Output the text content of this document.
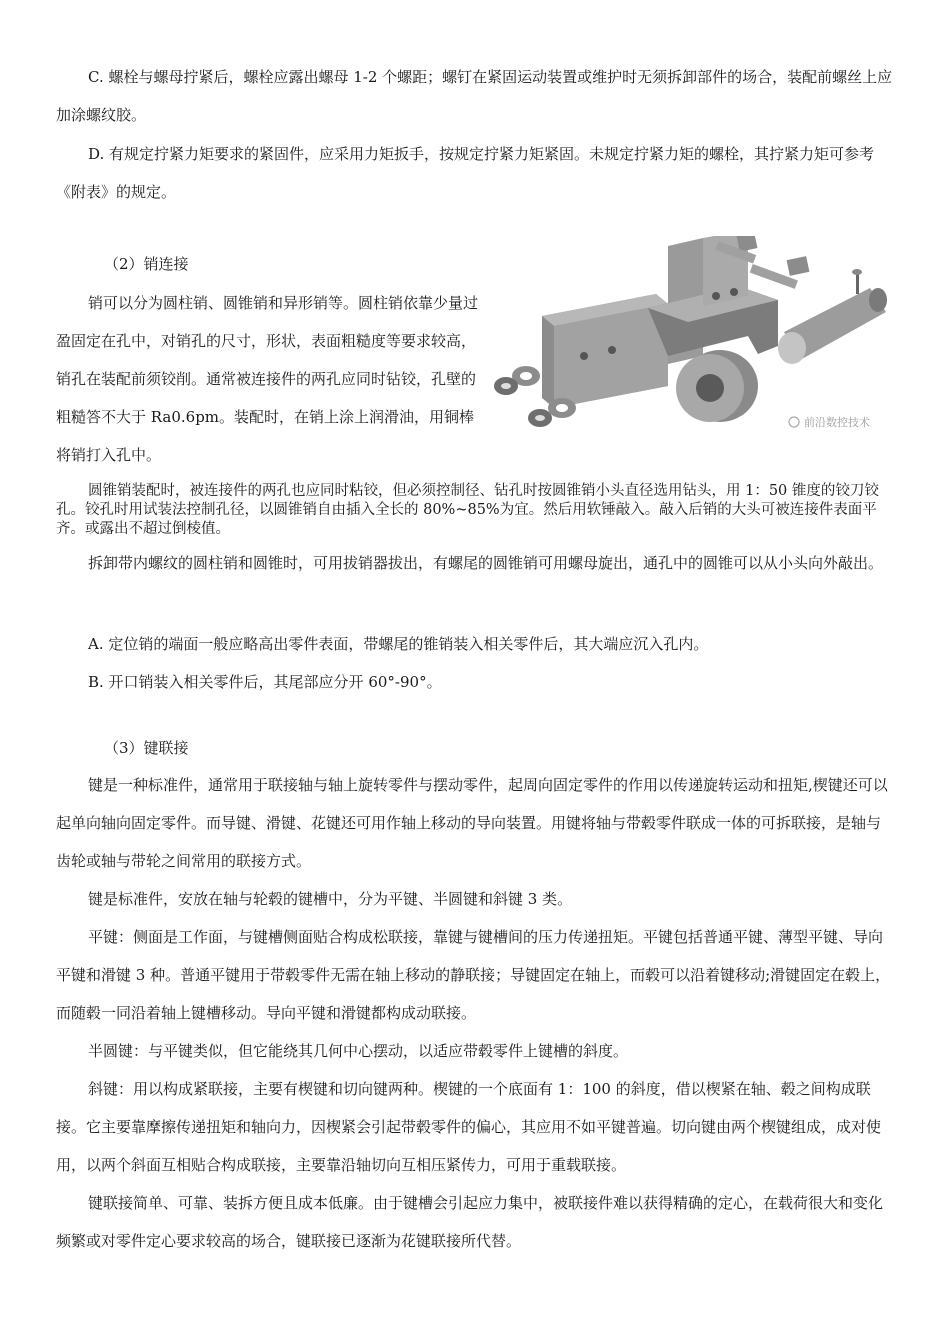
C. 螺栓与螺母拧紧后，螺栓应露出螺母 1-2 个螺距；螺钉在紧固运动装置或维护时无须拆卸部件的场合，装配前螺丝上应加涂螺纹胶。

D. 有规定拧紧力矩要求的紧固件，应采用力矩扳手，按规定拧紧力矩紧固。未规定拧紧力矩的螺栓，其拧紧力矩可参考《附表》的规定。

（2）销连接

销可以分为圆柱销、圆锥销和异形销等。圆柱销依靠少量过盈固定在孔中，对销孔的尺寸，形状，表面粗糙度等要求较高，销孔在装配前须铰削。通常被连接件的两孔应同时钻铰，孔壁的粗糙答不大于 Ra0.6pm。装配时，在销上涂上润滑油，用铜棒将销打入孔中。

前沿数控技术

圆锥销装配时，被连接件的两孔也应同时粘铰，但必须控制径、钻孔时按圆锥销小头直径选用钻头，用 1：50 锥度的铰刀铰孔。铰孔时用试装法控制孔径，以圆锥销自由插入全长的 80%~85%为宜。然后用软锤敲入。敲入后销的大头可被连接件表面平齐。或露出不超过倒棱值。

拆卸带内螺纹的圆柱销和圆锥时，可用拔销器拔出，有螺尾的圆锥销可用螺母旋出，通孔中的圆锥可以从小头向外敲出。

A. 定位销的端面一般应略高出零件表面，带螺尾的锥销装入相关零件后，其大端应沉入孔内。

B. 开口销装入相关零件后，其尾部应分开 60°-90°。

（3）键联接

键是一种标准件，通常用于联接轴与轴上旋转零件与摆动零件，起周向固定零件的作用以传递旋转运动和扭矩,楔键还可以起单向轴向固定零件。而导键、滑键、花键还可用作轴上移动的导向装置。用键将轴与带毂零件联成一体的可拆联接，是轴与齿轮或轴与带轮之间常用的联接方式。

键是标准件，安放在轴与轮毂的键槽中，分为平键、半圆键和斜键 3 类。

平键：侧面是工作面，与键槽侧面贴合构成松联接，靠键与键槽间的压力传递扭矩。平键包括普通平键、薄型平键、导向平键和滑键 3 种。普通平键用于带毂零件无需在轴上移动的静联接；导键固定在轴上，而毂可以沿着键移动;滑键固定在毂上，而随毂一同沿着轴上键槽移动。导向平键和滑键都构成动联接。

半圆键：与平键类似，但它能绕其几何中心摆动，以适应带毂零件上键槽的斜度。

斜键：用以构成紧联接，主要有楔键和切向键两种。楔键的一个底面有 1：100 的斜度，借以楔紧在轴、毂之间构成联接。它主要靠摩擦传递扭矩和轴向力，因楔紧会引起带毂零件的偏心，其应用不如平键普遍。切向键由两个楔键组成，成对使用，以两个斜面互相贴合构成联接，主要靠沿轴切向互相压紧传力，可用于重载联接。

键联接简单、可靠、装拆方便且成本低廉。由于键槽会引起应力集中，被联接件难以获得精确的定心，在载荷很大和变化频繁或对零件定心要求较高的场合，键联接已逐渐为花键联接所代替。
